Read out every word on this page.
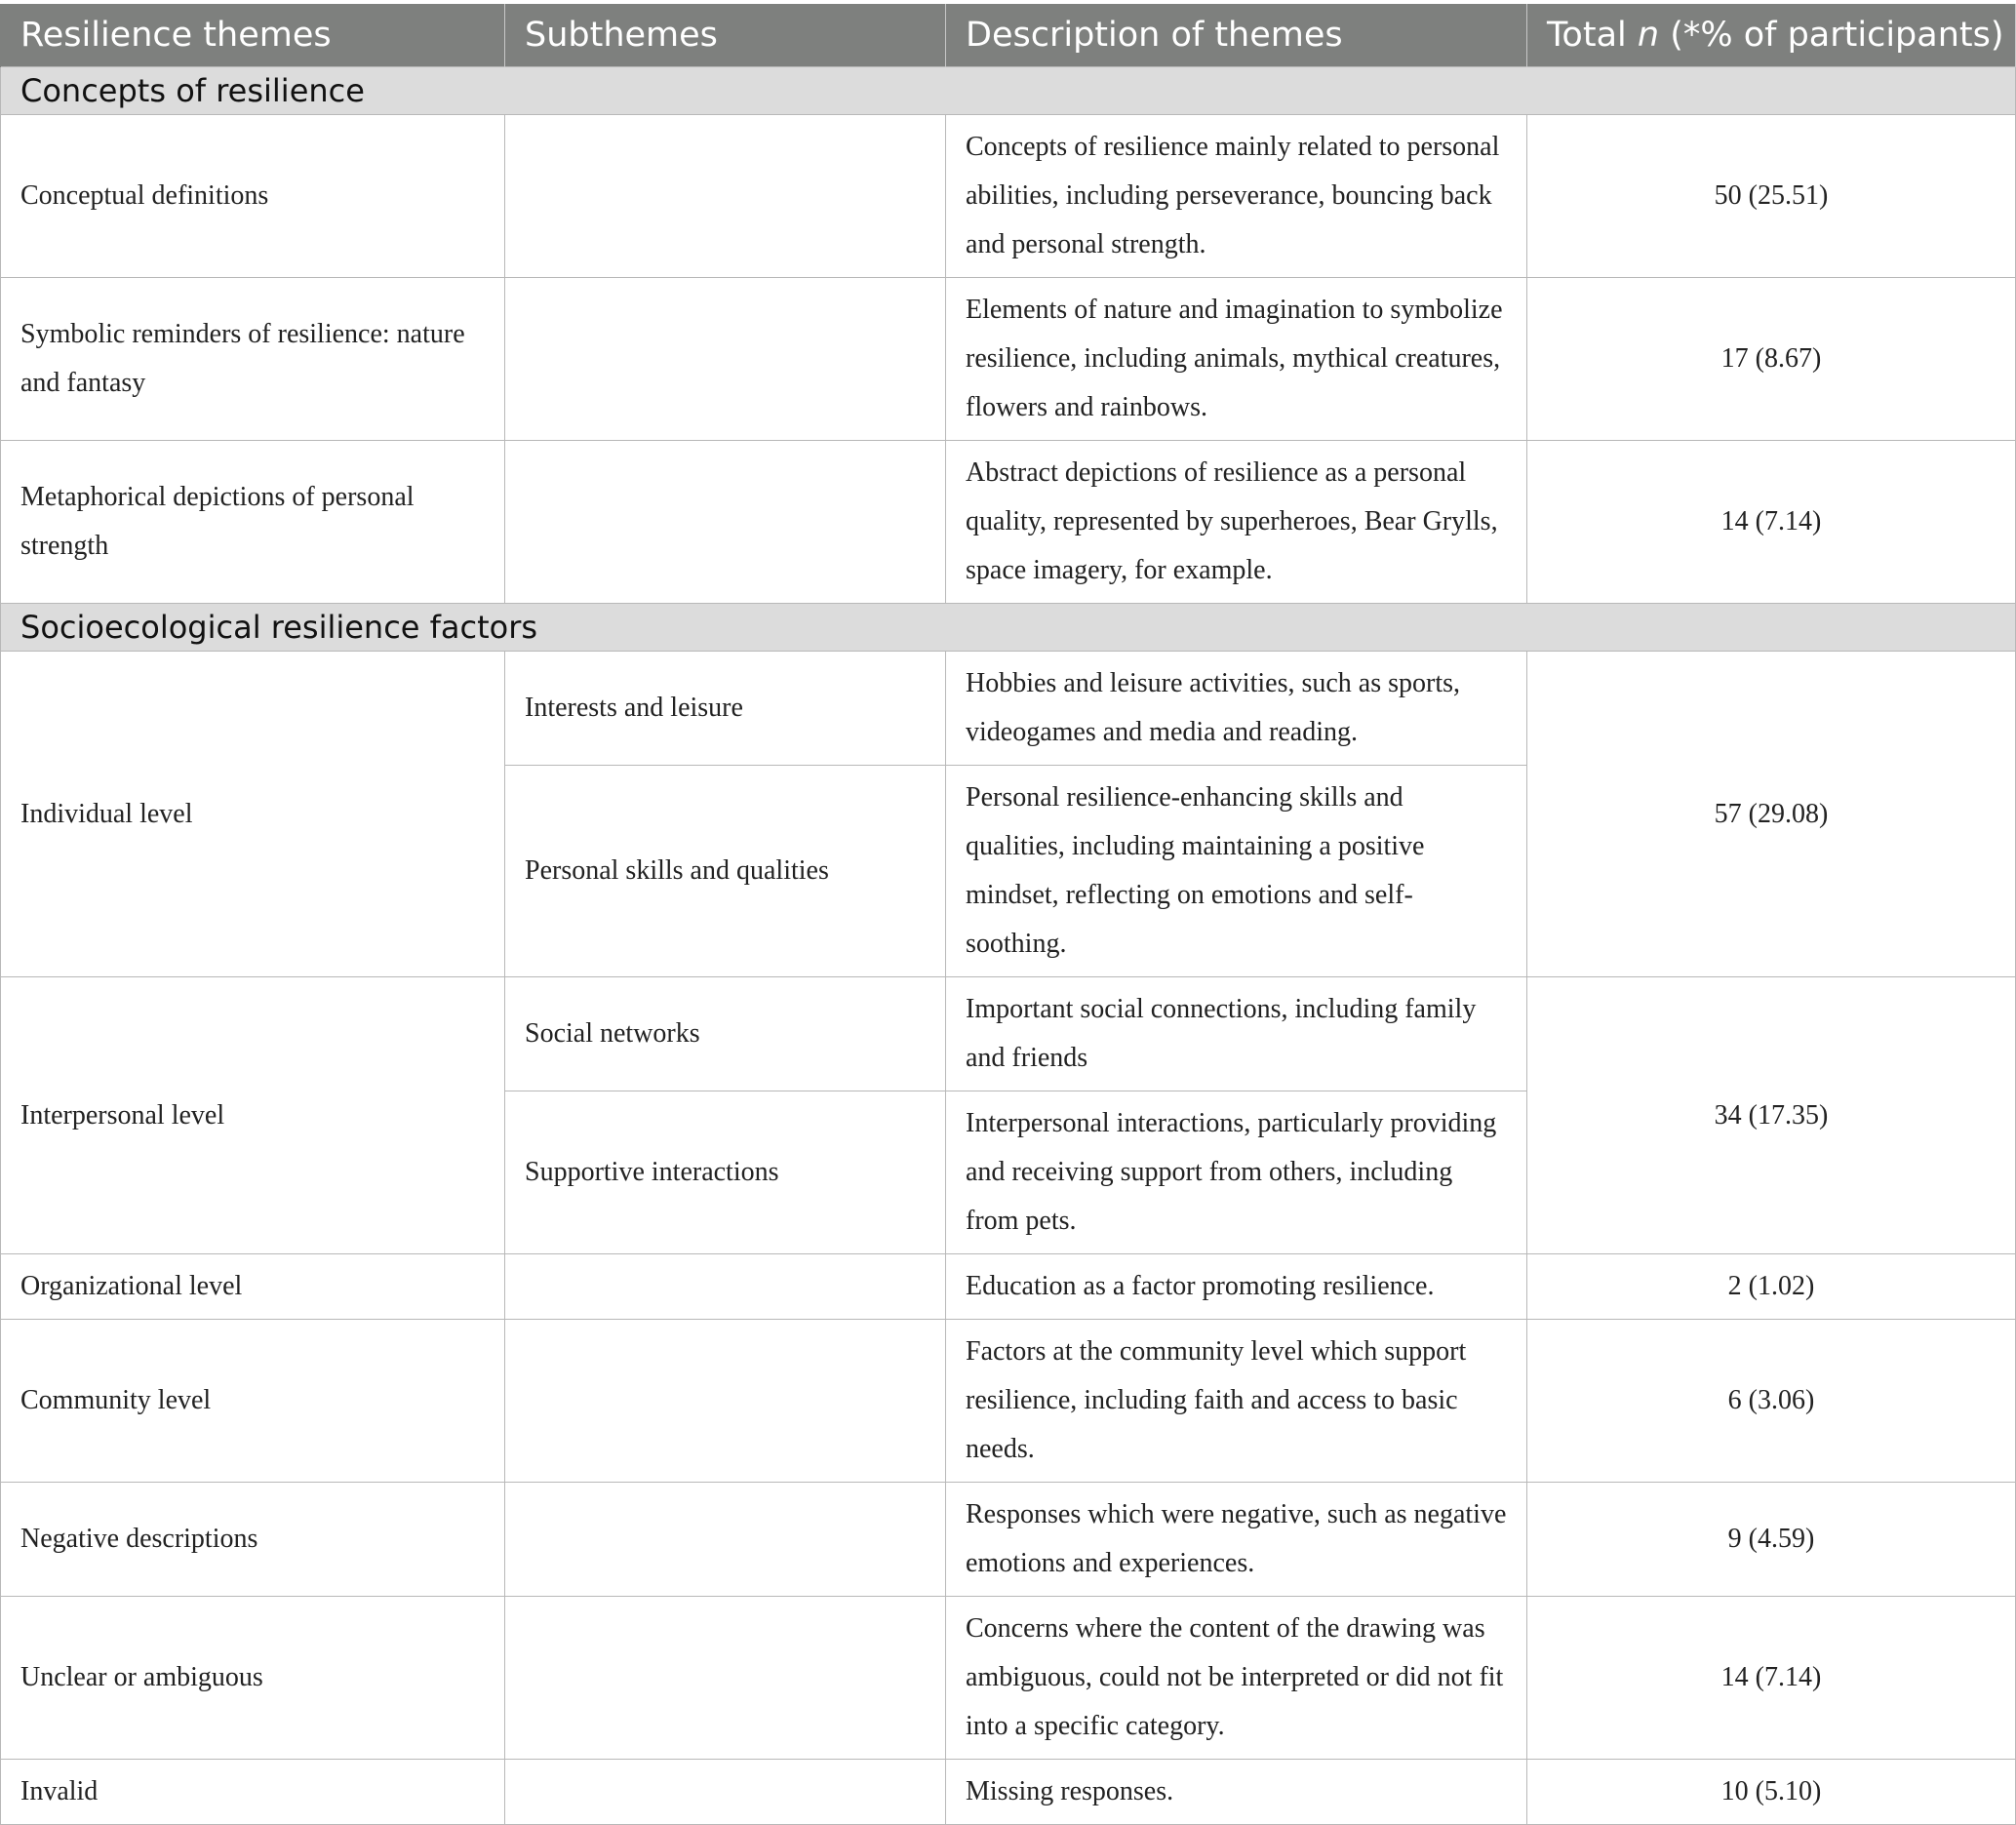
Resilience themes	Subthemes	Description of themes	Total n (*% of participants)
Concepts of resilience			
Conceptual definitions		Concepts of resilience mainly related to personal abilities, including perseverance, bouncing back and personal strength.	50 (25.51)
Symbolic reminders of resilience: nature and fantasy		Elements of nature and imagination to symbolize resilience, including animals, mythical creatures, flowers and rainbows.	17 (8.67)
Metaphorical depictions of personal strength		Abstract depictions of resilience as a personal quality, represented by superheroes, Bear Grylls, space imagery, for example.	14 (7.14)
Socioecological resilience factors			
Individual level	Interests and leisure	Hobbies and leisure activities, such as sports, videogames and media and reading.	57 (29.08)
	Personal skills and qualities	Personal resilience-enhancing skills and qualities, including maintaining a positive mindset, reflecting on emotions and self-soothing.	
Interpersonal level	Social networks	Important social connections, including family and friends	34 (17.35)
	Supportive interactions	Interpersonal interactions, particularly providing and receiving support from others, including from pets.	
Organizational level		Education as a factor promoting resilience.	2 (1.02)
Community level		Factors at the community level which support resilience, including faith and access to basic needs.	6 (3.06)
Negative descriptions		Responses which were negative, such as negative emotions and experiences.	9 (4.59)
Unclear or ambiguous		Concerns where the content of the drawing was ambiguous, could not be interpreted or did not fit into a specific category.	14 (7.14)
Invalid		Missing responses.	10 (5.10)
